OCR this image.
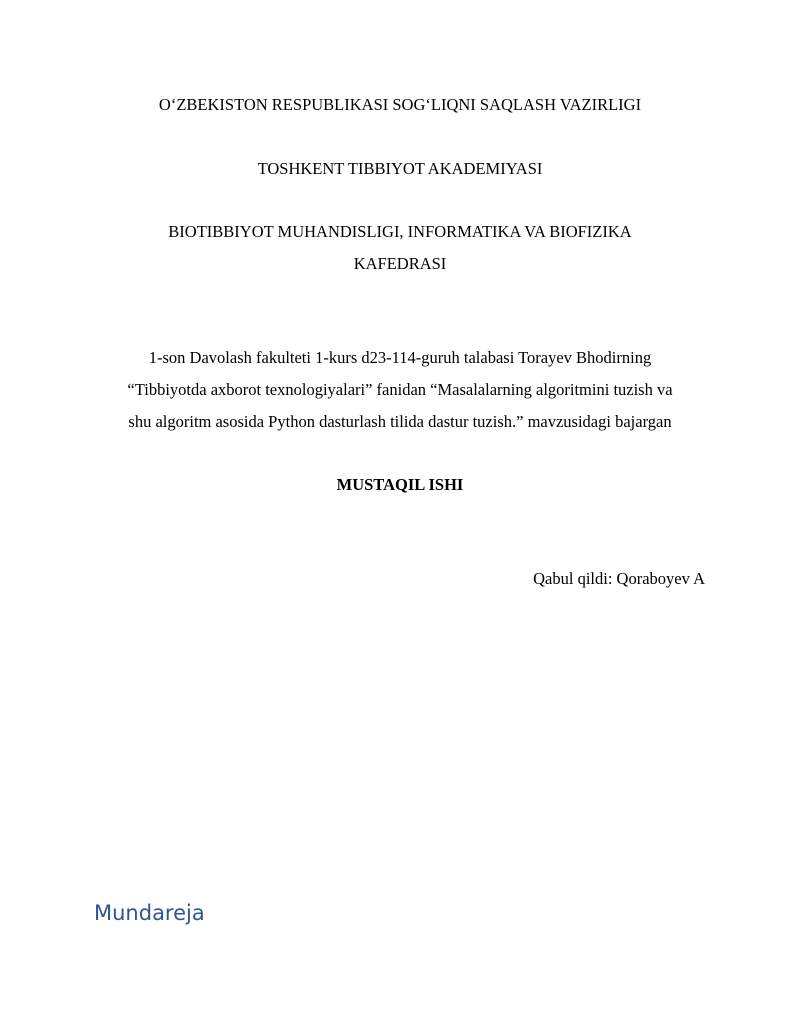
O‘ZBEKISTON RESPUBLIKASI SOG‘LIQNI SAQLASH VAZIRLIGI
TOSHKENT TIBBIYOT AKADEMIYASI
BIOTIBBIYOT MUHANDISLIGI, INFORMATIKA VA BIOFIZIKA
KAFEDRASI
1-son Davolash fakulteti 1-kurs d23-114-guruh talabasi Torayev Bhodirning
“Tibbiyotda axborot texnologiyalari” fanidan “Masalalarning algoritmini tuzish va
shu algoritm asosida Python dasturlash tilida dastur tuzish.” mavzusidagi bajargan
MUSTAQIL ISHI
Qabul qildi: Qoraboyev A
Mundareja
